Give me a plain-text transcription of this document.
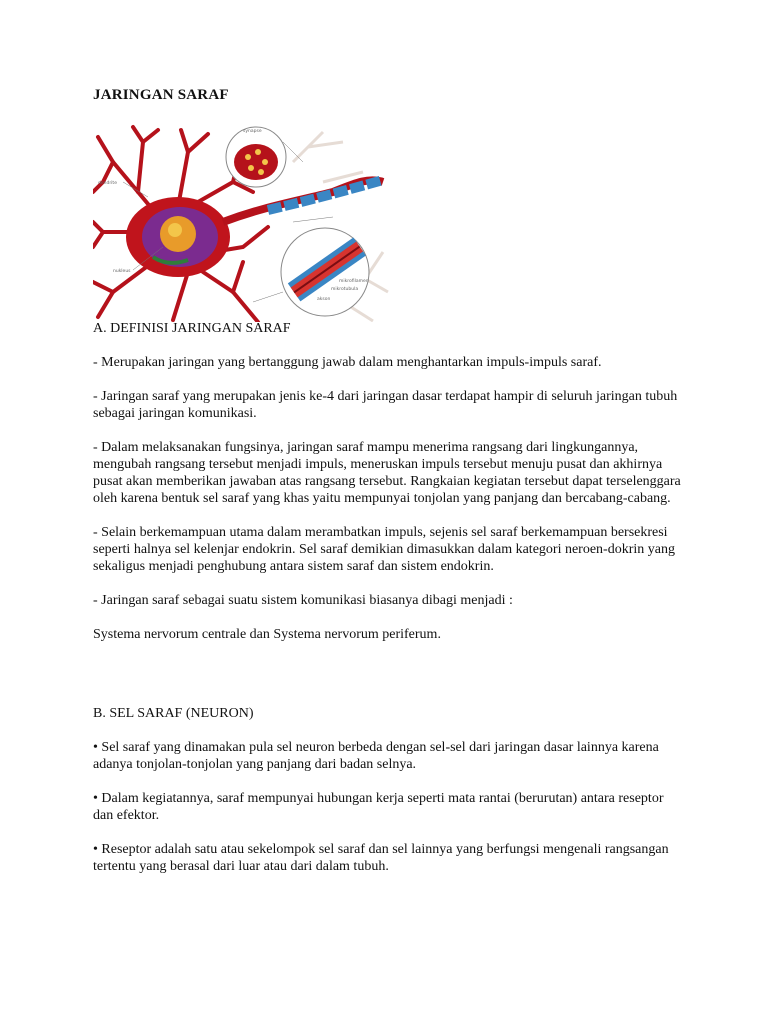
JARINGAN SARAF
synapse
mikrofilamen
mikrotubula
akson
dendrite
nukleus

A. DEFINISI JARINGAN SARAF

- Merupakan jaringan yang bertanggung jawab dalam menghantarkan impuls-impuls saraf.

- Jaringan saraf yang merupakan jenis ke-4 dari jaringan dasar terdapat hampir di seluruh jaringan tubuh sebagai jaringan komunikasi.

- Dalam melaksanakan fungsinya, jaringan saraf mampu menerima rangsang dari lingkungannya, mengubah rangsang tersebut menjadi impuls, meneruskan impuls tersebut menuju pusat dan akhirnya pusat akan memberikan jawaban atas rangsang tersebut. Rangkaian kegiatan tersebut dapat terselenggara oleh karena bentuk sel saraf yang khas yaitu mempunyai tonjolan yang panjang dan bercabang-cabang.

- Selain berkemampuan utama dalam merambatkan impuls, sejenis sel saraf berkemampuan bersekresi seperti halnya sel kelenjar endokrin. Sel saraf demikian dimasukkan dalam kategori neroen-dokrin yang sekaligus menjadi penghubung antara sistem saraf dan sistem endokrin.

- Jaringan saraf sebagai suatu sistem komunikasi biasanya dibagi menjadi :

Systema nervorum centrale dan Systema nervorum periferum.

B. SEL SARAF (NEURON)

• Sel saraf yang dinamakan pula sel neuron berbeda dengan sel-sel dari jaringan dasar lainnya karena adanya tonjolan-tonjolan yang panjang dari badan selnya.

• Dalam kegiatannya, saraf mempunyai hubungan kerja seperti mata rantai (berurutan) antara reseptor dan efektor.

• Reseptor adalah satu atau sekelompok sel saraf dan sel lainnya yang berfungsi mengenali rangsangan tertentu yang berasal dari luar atau dari dalam tubuh.
